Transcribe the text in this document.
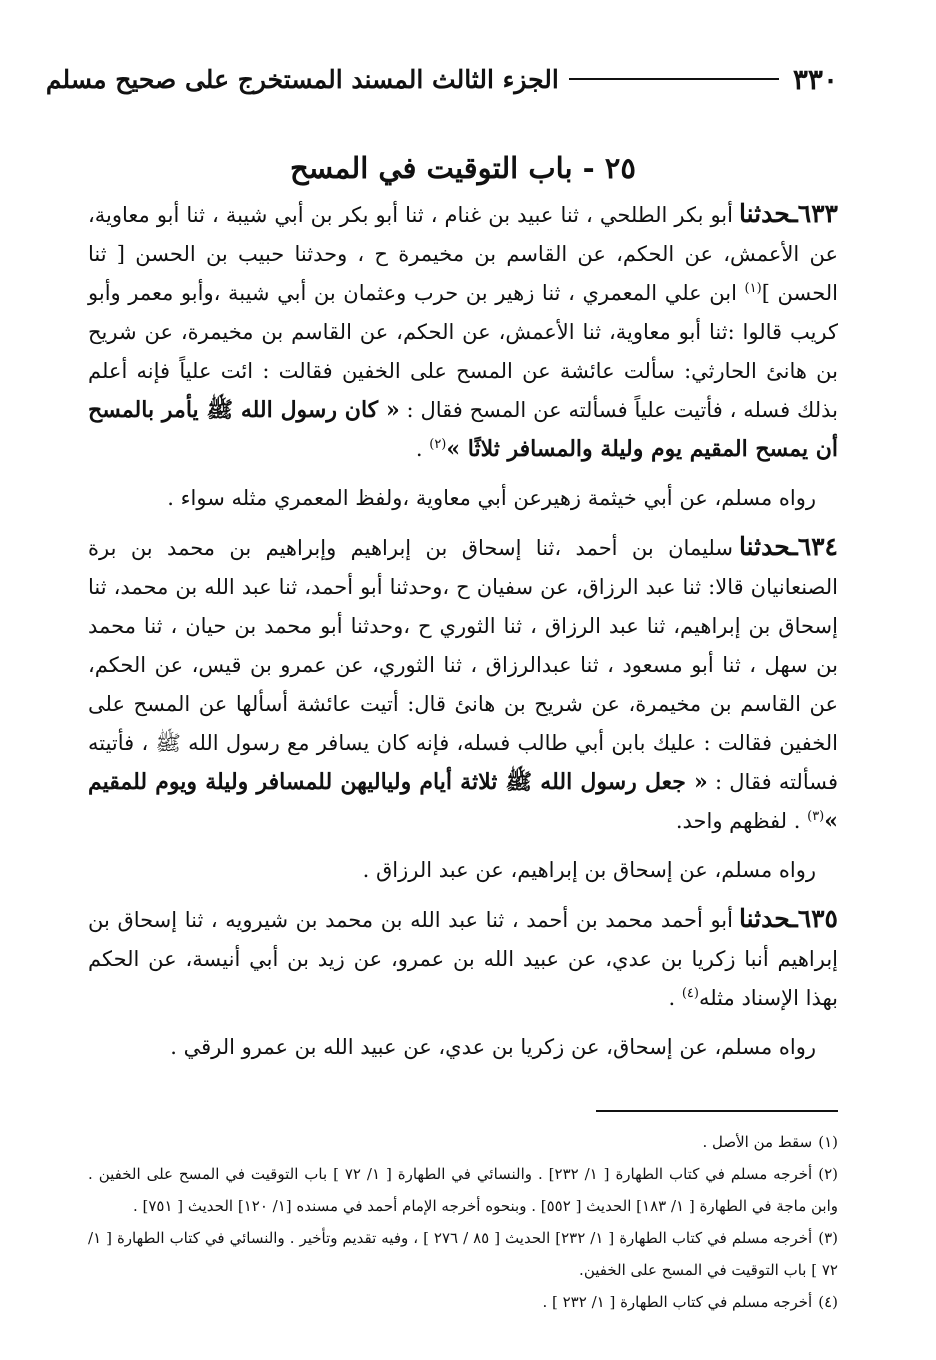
٣٣٠
الجزء الثالث المسند المستخرج على صحيح مسلم
٢٥ - باب التوقيت في المسح

٦٣٣ـحدثناأبو بكر الطلحي ، ثنا عبيد بن غنام ، ثنا أبو بكر بن أبي شيبة ، ثنا أبو معاوية، عن الأعمش، عن الحكم، عن القاسم بن مخيمرة ح ، وحدثنا حبيب بن الحسن [ ثنا الحسن ]$^{(١)}$ ابن علي المعمري ، ثنا زهير بن حرب وعثمان بن أبي شيبة ،وأبو معمر وأبو كريب قالوا :ثنا أبو معاوية، ثنا الأعمش، عن الحكم، عن القاسم بن مخيمرة، عن شريح بن هانئ الحارثي: سألت عائشة عن المسح على الخفين فقالت : ائت علياً فإنه أعلم بذلك فسله ، فأتيت علياً فسألته عن المسح فقال : « كان رسول الله ﷺ يأمر بالمسح أن يمسح المقيم يوم وليلة والمسافر ثلاثًا »$^{(٢)}$ .

رواه مسلم، عن أبي خيثمة زهيرعن أبي معاوية ،ولفظ المعمري مثله سواء .

٦٣٤ـحدثناسليمان بن أحمد ،ثنا إسحاق بن إبراهيم وإبراهيم بن محمد بن برة الصنعانيان قالا: ثنا عبد الرزاق، عن سفيان ح ،وحدثنا أبو أحمد، ثنا عبد الله بن محمد، ثنا إسحاق بن إبراهيم، ثنا عبد الرزاق ، ثنا الثوري ح ،وحدثنا أبو محمد بن حيان ، ثنا محمد بن سهل ، ثنا أبو مسعود ، ثنا عبدالرزاق ، ثنا الثوري، عن عمرو بن قيس، عن الحكم، عن القاسم بن مخيمرة، عن شريح بن هانئ قال: أتيت عائشة أسألها عن المسح على الخفين فقالت : عليك بابن أبي طالب فسله، فإنه كان يسافر مع رسول الله ﷺ ، فأتيته فسألته فقال : « جعل رسول الله ﷺ ثلاثة أيام ولياليهن للمسافر وليلة ويوم للمقيم »$^{(٣)}$ . لفظهم واحد.

رواه مسلم، عن إسحاق بن إبراهيم، عن عبد الرزاق .

٦٣٥ـحدثناأبو أحمد محمد بن أحمد ، ثنا عبد الله بن محمد بن شيرويه ، ثنا إسحاق بن إبراهيم أنبا زكريا بن عدي، عن عبيد الله بن عمرو، عن زيد بن أبي أنيسة، عن الحكم بهذا الإسناد مثله$^{(٤)}$ .

رواه مسلم، عن إسحاق، عن زكريا بن عدي، عن عبيد الله بن عمرو الرقي .
(١)سقط من الأصل .
(٢)أخرجه مسلم في كتاب الطهارة [ ١/ ٢٣٢] . والنسائي في الطهارة [ ١/ ٧٢ ] باب التوقيت في المسح على الخفين . وابن ماجة في الطهارة [ ١/ ١٨٣] الحديث [ ٥٥٢] . وبنحوه أخرجه الإمام أحمد في مسنده [١/ ١٢٠] الحديث [ ٧٥١] .
(٣)أخرجه مسلم في كتاب الطهارة [ ١/ ٢٣٢] الحديث [ ٨٥ / ٢٧٦ ] ، وفيه تقديم وتأخير . والنسائي في كتاب الطهارة [ ١/ ٧٢ ] باب التوقيت في المسح على الخفين.
(٤)أخرجه مسلم في كتاب الطهارة [ ١/ ٢٣٢ ] .
